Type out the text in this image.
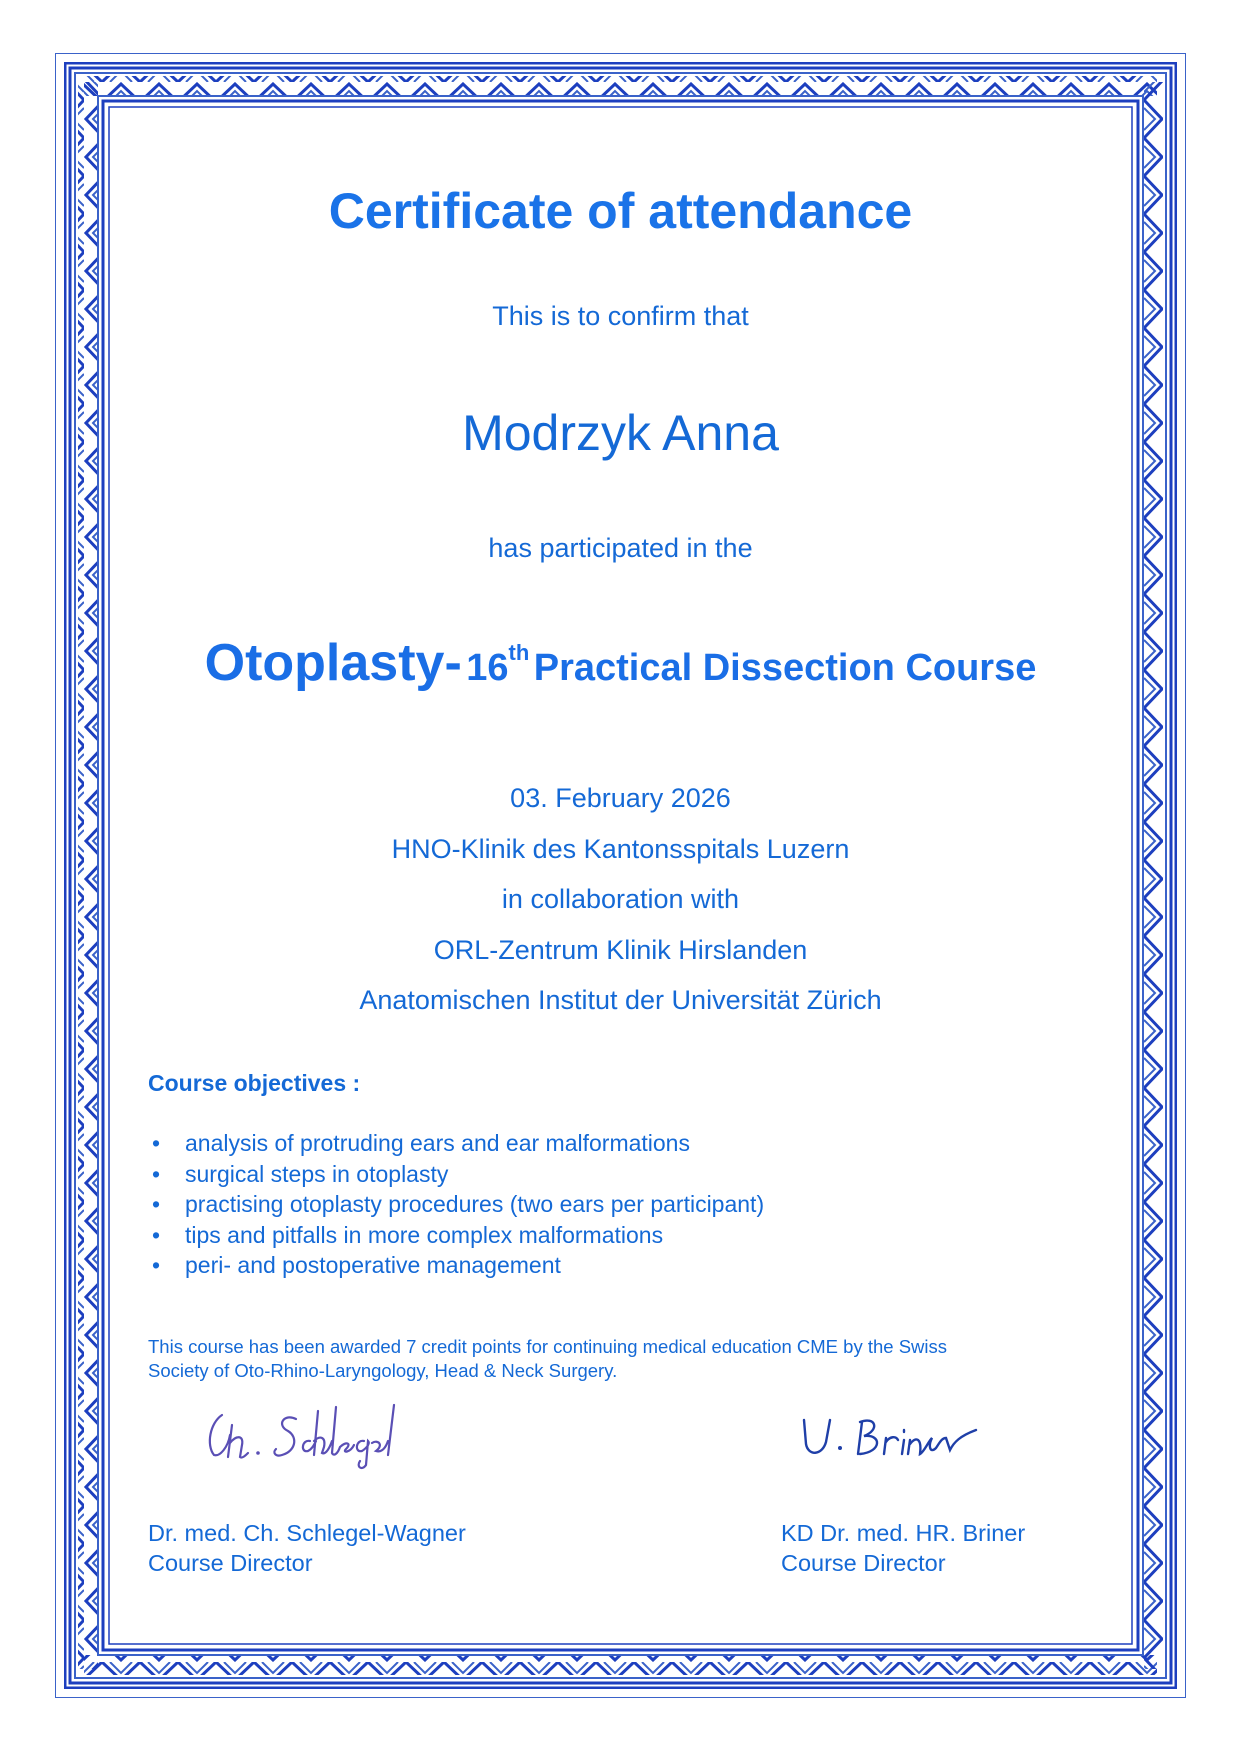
Certificate of attendance
This is to confirm that
Modrzyk Anna
has participated in the
Otoplasty- 16th Practical Dissection Course
03. February 2026
HNO-Klinik des Kantonsspitals Luzern
in collaboration with
ORL-Zentrum Klinik Hirslanden
Anatomischen Institut der Universität Zürich
Course objectives :
• analysis of protruding ears and ear malformations
• surgical steps in otoplasty
• practising otoplasty procedures (two ears per participant)
• tips and pitfalls in more complex malformations
• peri- and postoperative management
This course has been awarded 7 credit points for continuing medical education CME by the Swiss
Society of Oto-Rhino-Laryngology, Head & Neck Surgery.
Dr. med. Ch. Schlegel-Wagner
Course Director
KD Dr. med. HR. Briner
Course Director
